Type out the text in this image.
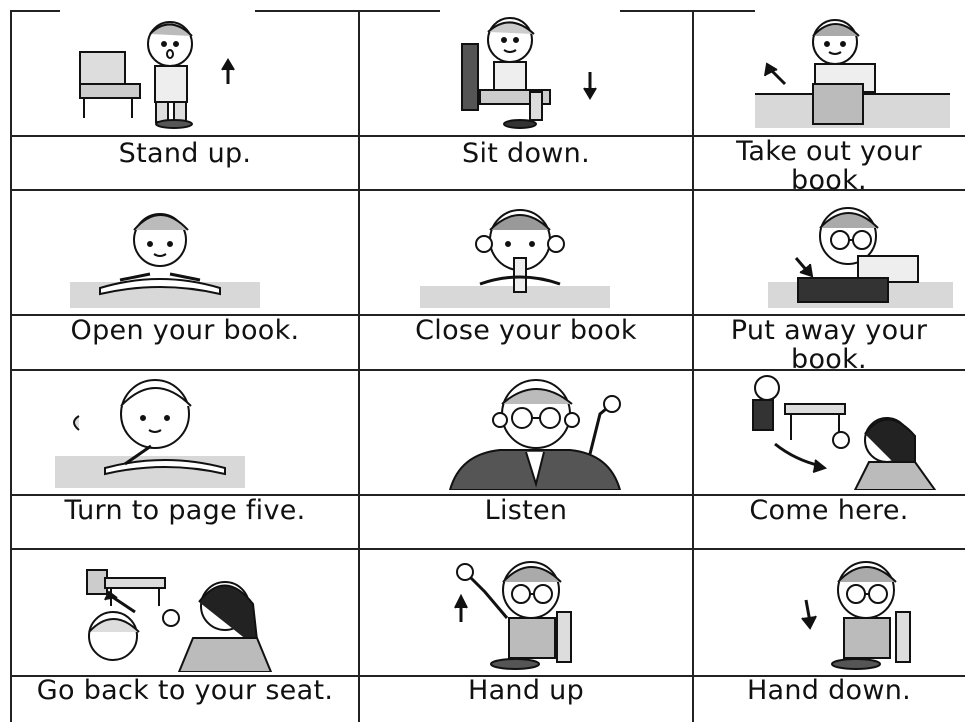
Stand up.	Sit down.	Take out your book.
Open your book.	Close your book	Put away your book.
Turn to page five.	Listen	Come here.
Go back to your seat.	Hand up	Hand down.
